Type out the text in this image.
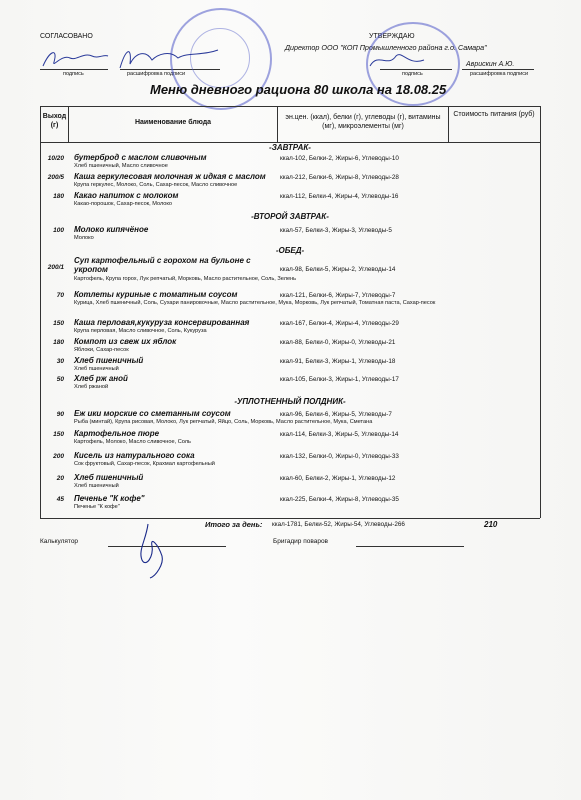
СОГЛАСОВАНО	УТВЕРЖДАЮ
Директор ООО "КОП Промышленного района г.о. Самара"
подпись	расшифровка подписи
Аврискин А.Ю.
подпись	расшифровка подписи
Меню дневного рациона 80 школа на 18.08.25
Выход (г)	Наименование блюда
эн.цен. (ккал), белки (г), углеводы (г), витамины (мг), микроэлементы (мг)
Стоимость питания (руб)
-ЗАВТРАК-
10/20 бутерброд с маслом сливочным	ккал-102, Белки-2, Жиры-6, Углеводы-10
Хлеб пшеничный, Масло сливочное
200/5 Каша геркулесовая молочная ж идкая с маслом	ккал-212, Белки-6, Жиры-8, Углеводы-28
Крупа геркулес, Молоко, Соль, Сахар-песок, Масло сливочное
180 Какао напиток с молоком	ккал-112, Белки-4, Жиры-4, Углеводы-16
Какао-порошок, Сахар-песок, Молоко
-ВТОРОЙ ЗАВТРАК-
100 Молоко кипячёное	ккал-57, Белки-3, Жиры-3, Углеводы-5
Молоко
-ОБЕД-
200/1
Суп картофельный с горохом на бульоне с укропом	ккал-98, Белки-5, Жиры-2, Углеводы-14
Картофель, Крупа горох, Лук репчатый, Морковь, Масло растительное, Соль, Зелень
70 Котлеты куриные с томатным соусом	ккал-121, Белки-6, Жиры-7, Углеводы-7
Курица, Хлеб пшеничный, Соль, Сухари панировочные, Масло растительное, Мука, Морковь, Лук репчатый, Томатная паста, Сахар-песок
150 Каша перловая,кукуруза консервированная	ккал-167, Белки-4, Жиры-4, Углеводы-29
Крупа перловая, Масло сливочное, Соль, Кукуруза
180 Компот из свеж их яблок	ккал-88, Белки-0, Жиры-0, Углеводы-21
Яблоки, Сахар-песок
30 Хлеб пшеничный	ккал-91, Белки-3, Жиры-1, Углеводы-18
Хлеб пшеничный
50 Хлеб рж аной	ккал-105, Белки-3, Жиры-1, Углеводы-17
Хлеб ржаной
-УПЛОТНЕННЫЙ ПОЛДНИК-
90 Еж ики морские со сметанным соусом	ккал-96, Белки-6, Жиры-5, Углеводы-7
Рыба (минтай), Крупа рисовая, Молоко, Лук репчатый, Яйцо, Соль, Морковь, Масло растительное, Мука, Сметана
150 Картофельное пюре	ккал-114, Белки-3, Жиры-5, Углеводы-14
Картофель, Молоко, Масло сливочное, Соль
200 Кисель из натурального сока	ккал-132, Белки-0, Жиры-0, Углеводы-33
Сок фруктовый, Сахар-песок, Крахмал картофельный
20 Хлеб пшеничный	ккал-60, Белки-2, Жиры-1, Углеводы-12
Хлеб пшеничный
45 Печенье "К кофе"	ккал-225, Белки-4, Жиры-8, Углеводы-35
Печенье "К кофе"
Итого за день: ккал-1781, Белки-52, Жиры-54, Углеводы-266	210
Калькулятор	Бригадир поваров
